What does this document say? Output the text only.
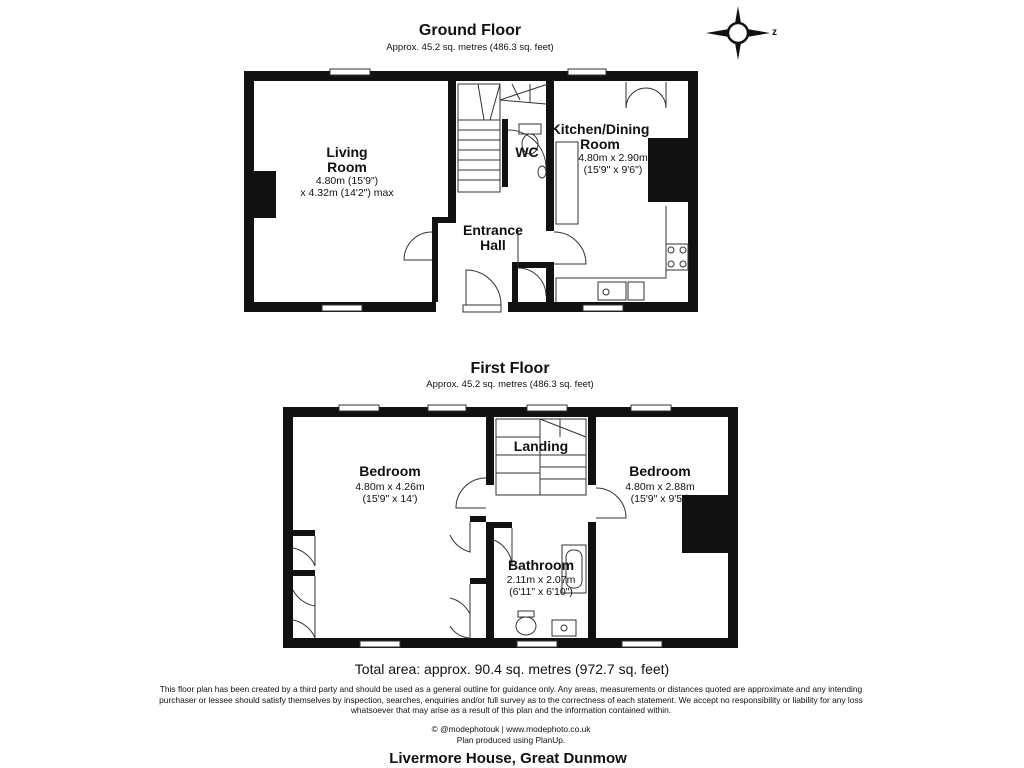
Ground Floor
Approx. 45.2 sq. metres (486.3 sq. feet)
Living
Room
4.80m (15'9")
x 4.32m (14'2") max
WC
Kitchen/Dining
Room
4.80m x 2.90m
(15'9" x 9'6")
Entrance
Hall
First Floor
Approx. 45.2 sq. metres (486.3 sq. feet)
Bedroom
4.80m x 4.26m
(15'9" x 14')
Landing
Bedroom
4.80m x 2.88m
(15'9" x 9'5")
Bathroom
2.11m x 2.07m
(6'11" x 6'10")
z
Total area: approx. 90.4 sq. metres (972.7 sq. feet)
This floor plan has been created by a third party and should be used as a general outline for guidance only. Any areas, measurements or distances quoted are approximate and any intending purchaser or lessee should satisfy themselves by inspection, searches, enquiries and/or full survey as to the correctness of each statement. We accept no responsibility or liability for any loss whatsoever that may arise as a result of this plan and the information contained within.
© @modephotouk | www.modephoto.co.uk
Plan produced using PlanUp.
Livermore House, Great Dunmow
